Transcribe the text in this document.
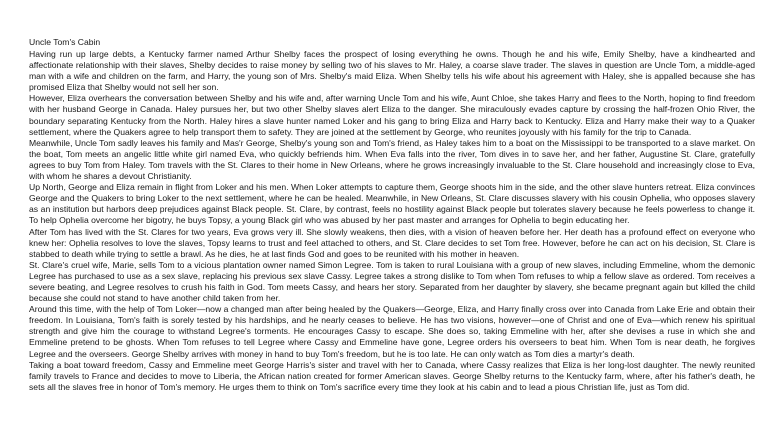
Uncle Tom's Cabin

Having run up large debts, a Kentucky farmer named Arthur Shelby faces the prospect of losing everything he owns. Though he and his wife, Emily Shelby, have a kindhearted and affectionate relationship with their slaves, Shelby decides to raise money by selling two of his slaves to Mr. Haley, a coarse slave trader. The slaves in question are Uncle Tom, a middle-aged man with a wife and children on the farm, and Harry, the young son of Mrs. Shelby's maid Eliza. When Shelby tells his wife about his agreement with Haley, she is appalled because she has promised Eliza that Shelby would not sell her son.

However, Eliza overhears the conversation between Shelby and his wife and, after warning Uncle Tom and his wife, Aunt Chloe, she takes Harry and flees to the North, hoping to find freedom with her husband George in Canada. Haley pursues her, but two other Shelby slaves alert Eliza to the danger. She miraculously evades capture by crossing the half-frozen Ohio River, the boundary separating Kentucky from the North. Haley hires a slave hunter named Loker and his gang to bring Eliza and Harry back to Kentucky. Eliza and Harry make their way to a Quaker settlement, where the Quakers agree to help transport them to safety. They are joined at the settlement by George, who reunites joyously with his family for the trip to Canada.

Meanwhile, Uncle Tom sadly leaves his family and Mas'r George, Shelby's young son and Tom's friend, as Haley takes him to a boat on the Mississippi to be transported to a slave market. On the boat, Tom meets an angelic little white girl named Eva, who quickly befriends him. When Eva falls into the river, Tom dives in to save her, and her father, Augustine St. Clare, gratefully agrees to buy Tom from Haley. Tom travels with the St. Clares to their home in New Orleans, where he grows increasingly invaluable to the St. Clare household and increasingly close to Eva, with whom he shares a devout Christianity.

Up North, George and Eliza remain in flight from Loker and his men. When Loker attempts to capture them, George shoots him in the side, and the other slave hunters retreat. Eliza convinces George and the Quakers to bring Loker to the next settlement, where he can be healed. Meanwhile, in New Orleans, St. Clare discusses slavery with his cousin Ophelia, who opposes slavery as an institution but harbors deep prejudices against Black people. St. Clare, by contrast, feels no hostility against Black people but tolerates slavery because he feels powerless to change it. To help Ophelia overcome her bigotry, he buys Topsy, a young Black girl who was abused by her past master and arranges for Ophelia to begin educating her.

After Tom has lived with the St. Clares for two years, Eva grows very ill. She slowly weakens, then dies, with a vision of heaven before her. Her death has a profound effect on everyone who knew her: Ophelia resolves to love the slaves, Topsy learns to trust and feel attached to others, and St. Clare decides to set Tom free. However, before he can act on his decision, St. Clare is stabbed to death while trying to settle a brawl. As he dies, he at last finds God and goes to be reunited with his mother in heaven.

St. Clare's cruel wife, Marie, sells Tom to a vicious plantation owner named Simon Legree. Tom is taken to rural Louisiana with a group of new slaves, including Emmeline, whom the demonic Legree has purchased to use as a sex slave, replacing his previous sex slave Cassy. Legree takes a strong dislike to Tom when Tom refuses to whip a fellow slave as ordered. Tom receives a severe beating, and Legree resolves to crush his faith in God. Tom meets Cassy, and hears her story. Separated from her daughter by slavery, she became pregnant again but killed the child because she could not stand to have another child taken from her.

Around this time, with the help of Tom Loker—now a changed man after being healed by the Quakers—George, Eliza, and Harry finally cross over into Canada from Lake Erie and obtain their freedom. In Louisiana, Tom's faith is sorely tested by his hardships, and he nearly ceases to believe. He has two visions, however—one of Christ and one of Eva—which renew his spiritual strength and give him the courage to withstand Legree's torments. He encourages Cassy to escape. She does so, taking Emmeline with her, after she devises a ruse in which she and Emmeline pretend to be ghosts. When Tom refuses to tell Legree where Cassy and Emmeline have gone, Legree orders his overseers to beat him. When Tom is near death, he forgives Legree and the overseers. George Shelby arrives with money in hand to buy Tom's freedom, but he is too late. He can only watch as Tom dies a martyr's death.

Taking a boat toward freedom, Cassy and Emmeline meet George Harris's sister and travel with her to Canada, where Cassy realizes that Eliza is her long-lost daughter. The newly reunited family travels to France and decides to move to Liberia, the African nation created for former American slaves. George Shelby returns to the Kentucky farm, where, after his father's death, he sets all the slaves free in honor of Tom's memory. He urges them to think on Tom's sacrifice every time they look at his cabin and to lead a pious Christian life, just as Tom did.
